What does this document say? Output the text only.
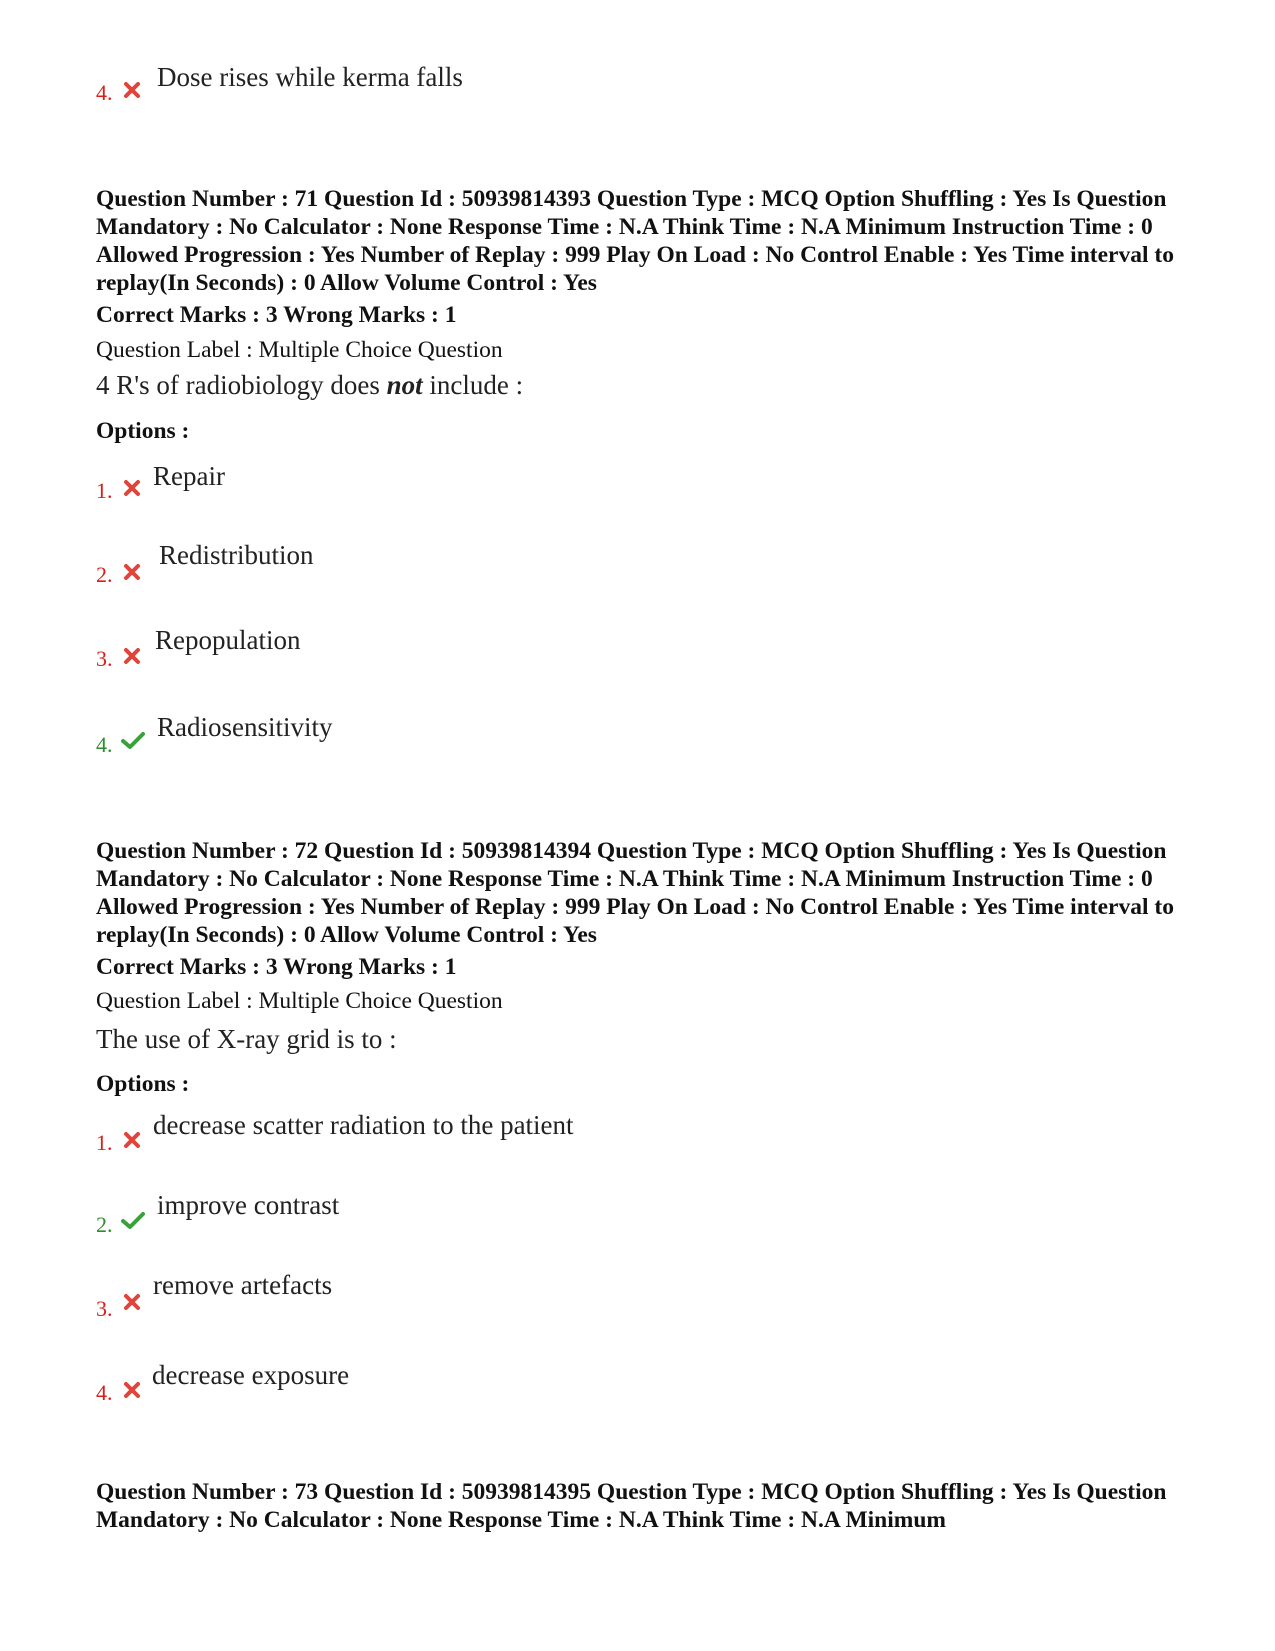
4.
Dose rises while kerma falls
Question Number : 71 Question Id : 50939814393 Question Type : MCQ Option Shuffling : Yes Is Question Mandatory : No Calculator : None Response Time : N.A Think Time : N.A Minimum Instruction Time : 0 Allowed Progression : Yes Number of Replay : 999 Play On Load : No Control Enable : Yes Time interval to replay(In Seconds) : 0 Allow Volume Control : Yes
Correct Marks : 3 Wrong Marks : 1
Question Label : Multiple Choice Question
4 R's of radiobiology does not include :
Options :
1. Repair
2.
Redistribution
3.
Repopulation
4.
Radiosensitivity
Question Number : 72 Question Id : 50939814394 Question Type : MCQ Option Shuffling : Yes Is Question Mandatory : No Calculator : None Response Time : N.A Think Time : N.A Minimum Instruction Time : 0 Allowed Progression : Yes Number of Replay : 999 Play On Load : No Control Enable : Yes Time interval to replay(In Seconds) : 0 Allow Volume Control : Yes
Correct Marks : 3 Wrong Marks : 1
Question Label : Multiple Choice Question
The use of X-ray grid is to :
Options :
1.
decrease scatter radiation to the patient
2.
improve contrast
3.
remove artefacts
4.
decrease exposure
Question Number : 73 Question Id : 50939814395 Question Type : MCQ Option Shuffling : Yes Is Question Mandatory : No Calculator : None Response Time : N.A Think Time : N.A Minimum
